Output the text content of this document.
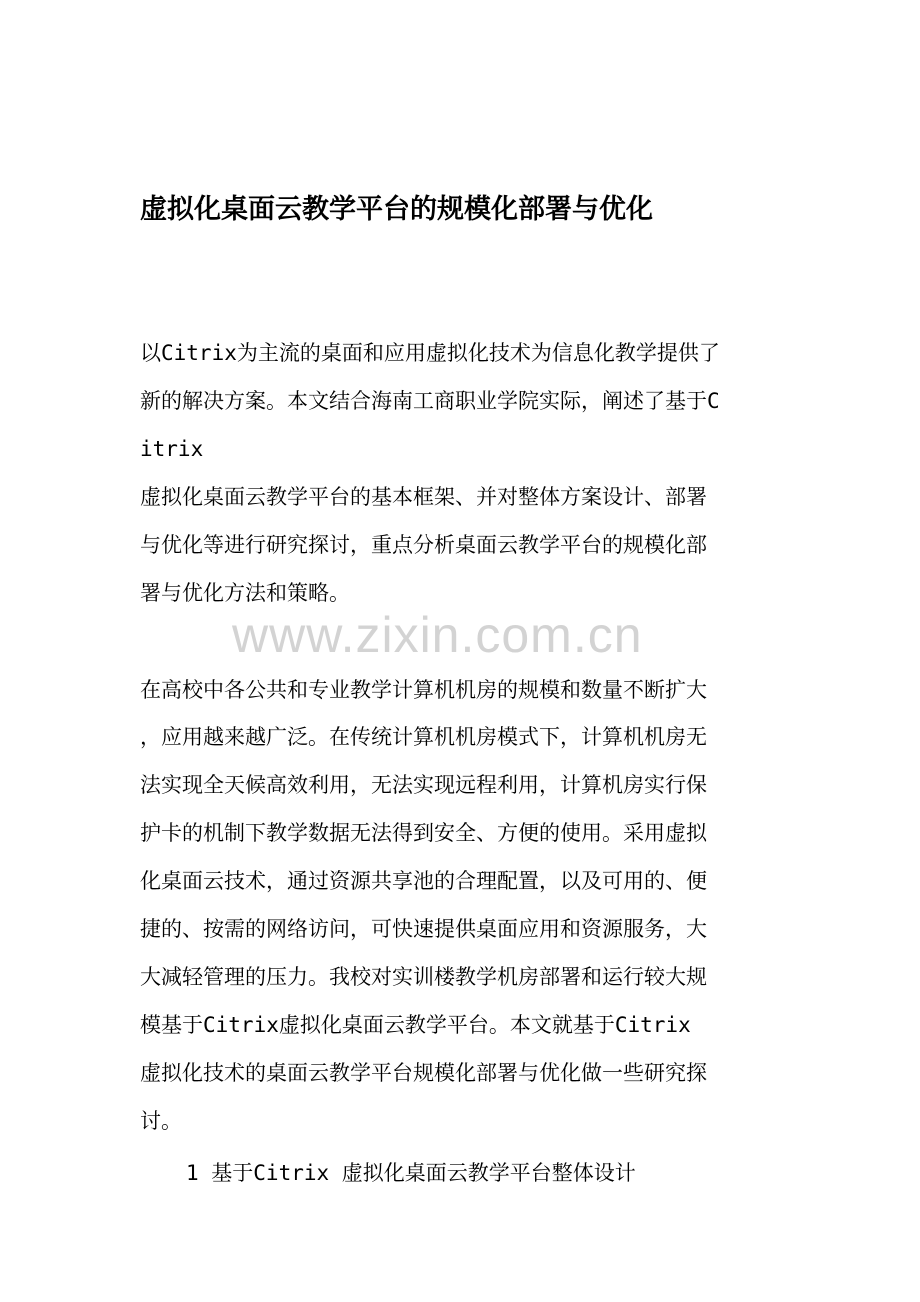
虚拟化桌面云教学平台的规模化部署与优化

以Citrix为主流的桌面和应用虚拟化技术为信息化教学提供了

新的解决方案。本文结合海南工商职业学院实际，阐述了基于C

itrix

虚拟化桌面云教学平台的基本框架、并对整体方案设计、部署

与优化等进行研究探讨，重点分析桌面云教学平台的规模化部

署与优化方法和策略。

www.zixin.com.cn

在高校中各公共和专业教学计算机机房的规模和数量不断扩大

，应用越来越广泛。在传统计算机机房模式下，计算机机房无

法实现全天候高效利用，无法实现远程利用，计算机房实行保

护卡的机制下教学数据无法得到安全、方便的使用。采用虚拟

化桌面云技术，通过资源共享池的合理配置，以及可用的、便

捷的、按需的网络访问，可快速提供桌面应用和资源服务，大

大减轻管理的压力。我校对实训楼教学机房部署和运行较大规

模基于Citrix虚拟化桌面云教学平台。本文就基于Citrix

虚拟化技术的桌面云教学平台规模化部署与优化做一些研究探

讨。

1 基于Citrix 虚拟化桌面云教学平台整体设计
